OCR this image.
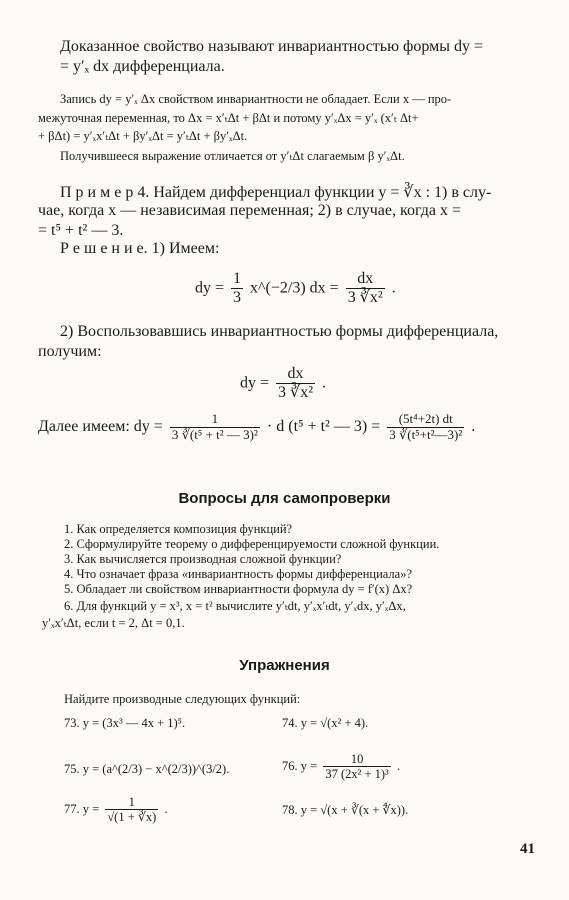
Доказанное свойство называют инвариантностью формы dy =
= y′ₓ dx дифференциала.
Запись dy = y′ₓ Δx свойством инвариантности не обладает. Если x — про-
межуточная переменная, то Δx = x′ₜΔt + βΔt и потому y′ₓΔx = y′ₓ (x′ₜ Δt+
+ βΔt) = y′ₓx′ₜΔt + βy′ₓΔt = y′ₜΔt + βy′ₓΔt.
Получившееся выражение отличается от y′ₜΔt слагаемым β y′ₓΔt.
П р и м е р 4. Найдем дифференциал функции y = ∛x : 1) в слу-
чае, когда x — независимая переменная; 2) в случае, когда x =
= t⁵ + t² — 3.
Р е ш е н и е. 1) Имеем:
dy = $\frac{1}{3}$ x^(−2/3) dx = $\frac{dx}{\text{3 ∛x²}}$ .
2) Воспользовавшись инвариантностью формы дифференциала,
получим:
dy = $\frac{dx}{\text{3 ∛x²}}$ .
Далее имеем: dy = $\frac{1}{\text{3 ∛(t⁵ + t² — 3)²}} \cdot d$ (t⁵ + t² — $3) = \frac{\text{(5t⁴+2t) dt}}{\text{3 ∛(t⁵+t²—3)²}}$ .
Вопросы для самопроверки
1. Как определяется композиция функций?
2. Сформулируйте теорему о дифференцируемости сложной функции.
3. Как вычисляется производная сложной функции?
4. Что означает фраза «инвариантность формы дифференциала»?
5. Обладает ли свойством инвариантности формула dy = f′(x) Δx?
6. Для функций y = x³, x = t² вычислите y′ₜdt, y′ₓx′ₜdt, y′ₓdx, y′ₓΔx,
y′ₓx′ₜΔt, если t = 2, Δt = 0,1.
Упражнения
Найдите производные следующих функций:
73. y = (3x³ — 4x + 1)⁵.	74. y = √(x² + 4).
75. y = (a^(2/3) − x^(2/3))^(3/2).	76. $y = \frac{10}{\text{37 (2x² + 1)³}}$ .
77. $y = \frac{1}{√(1 + ∛x)}$ .	78. y = √(x + ∛(x + ∜x)).
41
